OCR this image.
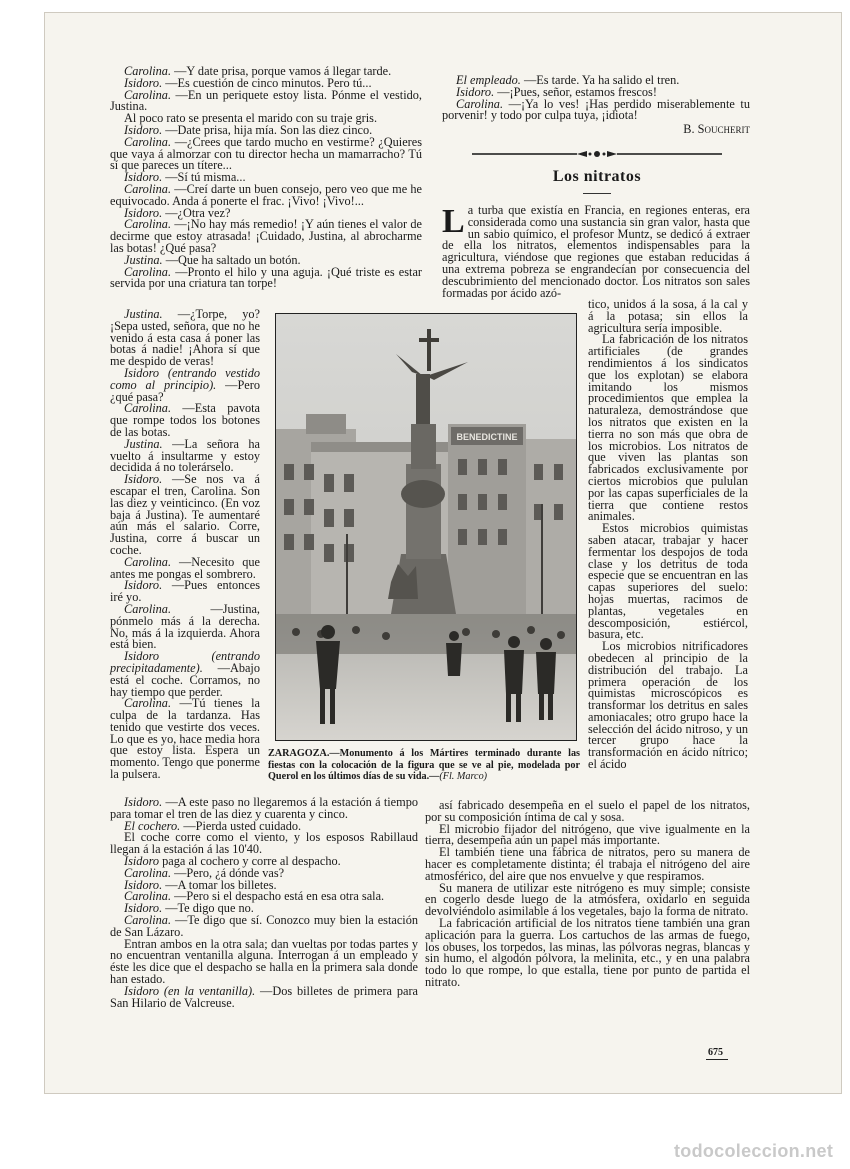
Carolina. —Y date prisa, porque vamos á llegar tarde.

Isidoro. —Es cuestión de cinco minutos. Pero tú...

Carolina. —En un periquete estoy lista. Pónme el vestido, Justina.

Al poco rato se presenta el marido con su traje gris.

Isidoro. —Date prisa, hija mía. Son las diez cinco.

Carolina. —¿Crees que tardo mucho en vestirme? ¿Quieres que vaya á almorzar con tu director hecha un mamarracho? Tú sí que pareces un títere...

Isidoro. —Sí tú misma...

Carolina. —Creí darte un buen consejo, pero veo que me he equivocado. Anda á ponerte el frac. ¡Vivo! ¡Vivo!...

Isidoro. —¿Otra vez?

Carolina. —¡No hay más remedio! ¡Y aún tienes el valor de decirme que estoy atrasada! ¡Cuidado, Justina, al abrocharme las botas! ¿Qué pasa?

Justina. —Que ha saltado un botón.

Carolina. —Pronto el hilo y una aguja. ¡Qué triste es estar servida por una criatura tan torpe!

Justina. —¿Torpe, yo? ¡Sepa usted, señora, que no he venido á esta casa á poner las botas á nadie! ¡Ahora sí que me despido de veras!

Isidoro (entrando vestido como al principio). —Pero ¿qué pasa?

Carolina. —Esta pavota que rompe todos los botones de las botas.

Justina. —La señora ha vuelto á insultarme y estoy decidida á no tolerárselo.

Isidoro. —Se nos va á escapar el tren, Carolina. Son las diez y veinticinco. (En voz baja á Justina). Te aumentaré aún más el salario. Corre, Justina, corre á buscar un coche.

Carolina. —Necesito que antes me pongas el sombrero.

Isidoro. —Pues entonces iré yo.

Carolina.	—Justina, pónmelo más á la derecha. No, más á la izquierda. Ahora está bien.

Isidoro (entrando precipitadamente). —Abajo está el coche. Corramos, no hay tiempo que perder.

Carolina. —Tú tienes la culpa de la tardanza. Has tenido que vestirte dos veces. Lo que es yo, hace media hora que estoy lista. Espera un momento. Tengo que ponerme la pulsera.

Isidoro. —A este paso no llegaremos á la estación á tiempo para tomar el tren de las diez y cuarenta y cinco.

El cochero. —Pierda usted cuidado.

El coche corre como el viento, y los esposos Rabillaud llegan á la estación á las 10'40.

Isidoro paga al cochero y corre al despacho.

Carolina. —Pero, ¿á dónde vas?

Isidoro. —A tomar los billetes.

Carolina. —Pero si el despacho está en esa otra sala.

Isidoro. —Te digo que no.

Carolina. —Te digo que sí. Conozco muy bien la estación de San Lázaro.

Entran ambos en la otra sala; dan vueltas por todas partes y no encuentran ventanilla alguna. Interrogan á un empleado y éste les dice que el despacho se halla en la primera sala donde han estado.

Isidoro (en la ventanilla). —Dos billetes de primera para San Hilario de Valcreuse.

El empleado. —Es tarde. Ya ha salido el tren.

Isidoro. —¡Pues, señor, estamos frescos!

Carolina. —¡Ya lo ves! ¡Has perdido miserablemente tu porvenir! y todo por culpa tuya, ¡idiota!

B. Soucherit
Los nitratos

L a turba que existía en Francia, en regiones enteras, era considerada como una sustancia sin gran valor, hasta que un sabio químico, el profesor Muntz, se dedicó á extraer de ella los nitratos, elementos indispensables para la agricultura, viéndose que regiones que estaban reducidas á una extrema pobreza se engrandecían por consecuencia del descubrimiento del mencionado doctor. Los nitratos son sales formadas por ácido azó-

tico, unidos á la sosa, á la cal y á la potasa; sin ellos la agricultura sería imposible.

La fabricación de los nitratos artificiales (de grandes rendimientos á los sindicatos que los explotan) se elabora imitando los mismos procedimientos que emplea la naturaleza, demostrándose que los nitratos que existen en la tierra no son más que obra de los microbios. Los nitratos de que viven las plantas son fabricados exclusivamente por ciertos microbios que pululan por las capas superficiales de la tierra que contiene restos animales.

Estos microbios quimistas saben atacar, trabajar y hacer fermentar los despojos de toda clase y los detritus de toda especie que se encuentran en las capas superiores del suelo: hojas muertas, racimos de plantas, vegetales en descomposición, estiércol, basura, etc.

Los microbios nitrificadores obedecen al principio de la distribución del trabajo. La primera operación de los quimistas microscópicos es transformar los detritus en sales amoniacales; otro grupo hace la selección del ácido nitroso, y un tercer grupo hace la transformación en ácido nítrico; el ácido

así fabricado desempeña en el suelo el papel de los nitratos, por su composición íntima de cal y sosa.

El microbio fijador del nitrógeno, que vive igualmente en la tierra, desempeña aún un papel más importante.

El también tiene una fábrica de nitratos, pero su manera de hacer es completamente distinta; él trabaja el nitrógeno del aire atmosférico, del aire que nos envuelve y que respiramos.

Su manera de utilizar este nitrógeno es muy simple; consiste en cogerlo desde luego de la atmósfera, oxidarlo en seguida devolviéndolo asimilable á los vegetales, bajo la forma de nitrato.

La fabricación artificial de los nitratos tiene también una gran aplicación para la guerra. Los cartuchos de las armas de fuego, los obuses, los torpedos, las minas, las pólvoras negras, blancas y sin humo, el algodón pólvora, la melinita, etc., y en una palabra todo lo que rompe, lo que estalla, tiene por punto de partida el nitrato.

BENEDICTINE
ZARAGOZA.—Monumento á los Mártires terminado durante las fiestas con la colocación de la figura que se ve al pie, modelada por Querol en los últimos días de su vida.—(Fl. Marco)
675
todocoleccion.net
